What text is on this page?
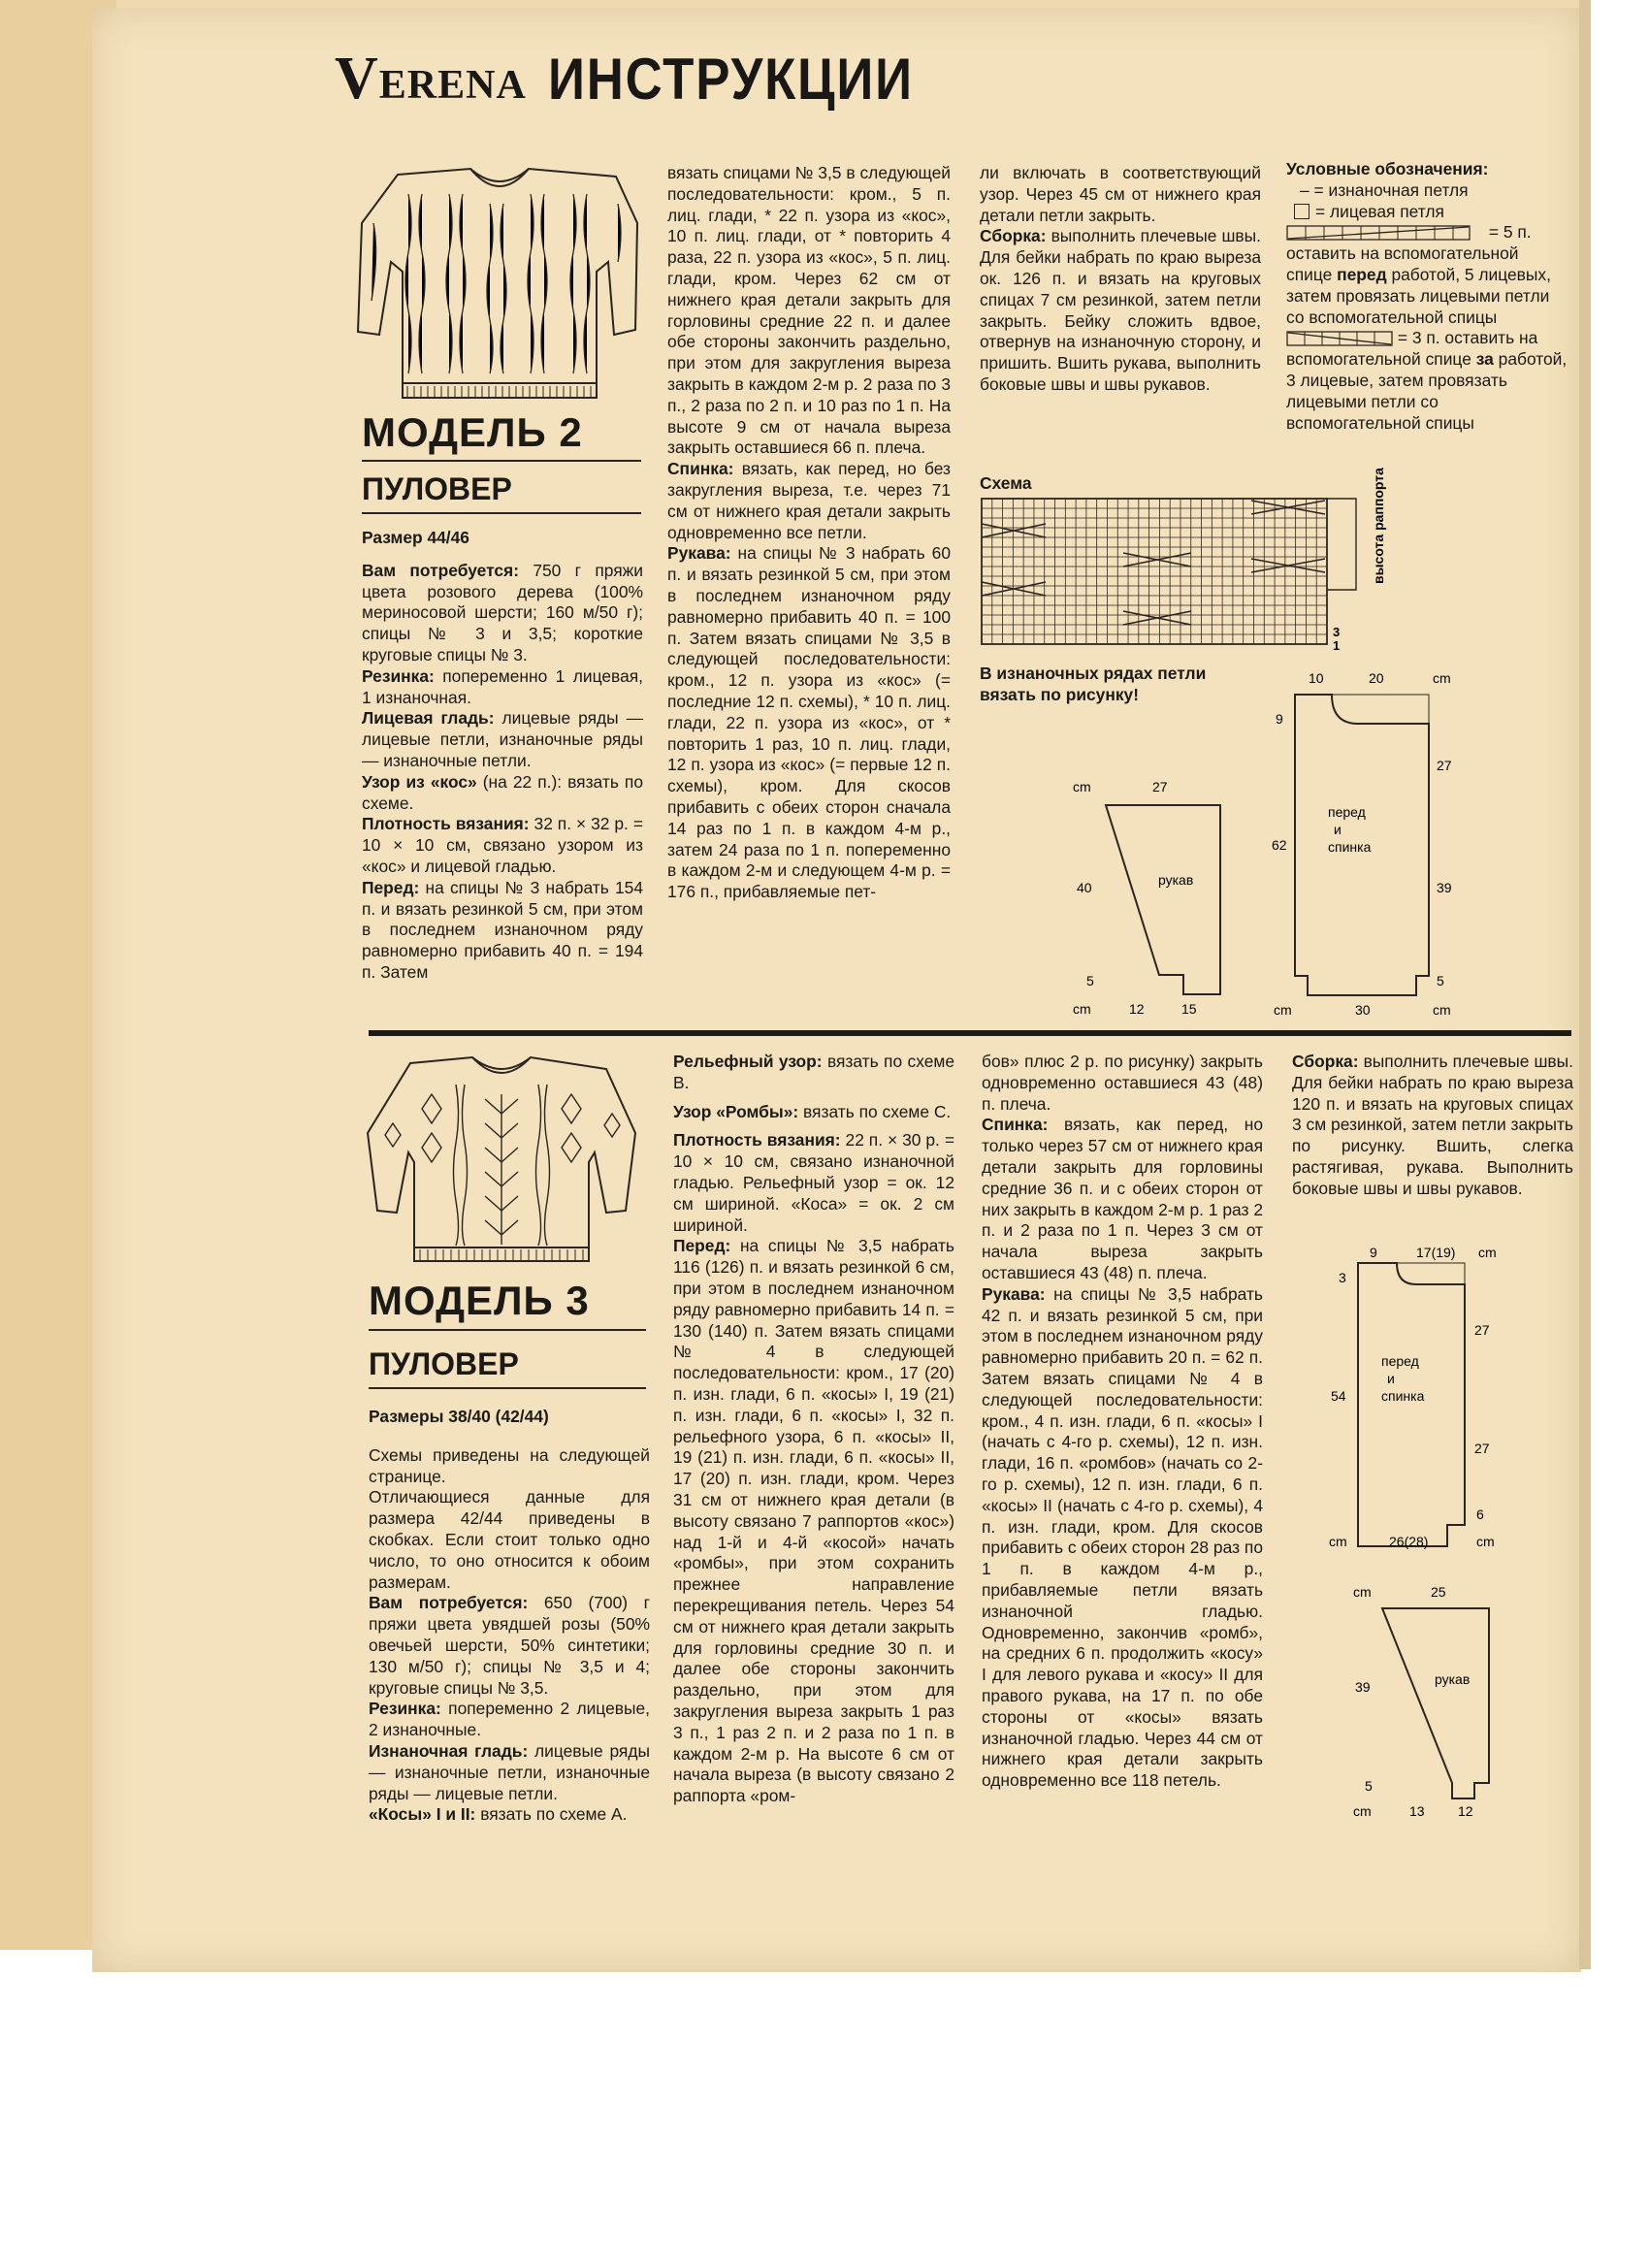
VERENA ИНСТРУКЦИИ
МОДЕЛЬ 2
ПУЛОВЕР

Размер 44/46

Вам потребуется: 750 г пряжи цвета розового дерева (100% мериносовой шерсти; 160 м/50 г); спицы № 3 и 3,5; короткие круговые спицы № 3.

Резинка: попеременно 1 лицевая, 1 изнаночная.

Лицевая гладь: лицевые ряды — лицевые петли, изнаночные ряды — изнаночные петли.

Узор из «кос» (на 22 п.): вязать по схеме.

Плотность вязания: 32 п. × 32 р. = 10 × 10 см, связано узором из «кос» и лицевой гладью.

Перед: на спицы № 3 набрать 154 п. и вязать резинкой 5 см, при этом в последнем изнаночном ряду равномерно прибавить 40 п. = 194 п. Затем

вязать спицами № 3,5 в следующей последовательности: кром., 5 п. лиц. глади, * 22 п. узора из «кос», 10 п. лиц. глади, от * повторить 4 раза, 22 п. узора из «кос», 5 п. лиц. глади, кром. Через 62 см от нижнего края детали закрыть для горловины средние 22 п. и далее обе стороны закончить раздельно, при этом для закругления выреза закрыть в каждом 2-м р. 2 раза по 3 п., 2 раза по 2 п. и 10 раз по 1 п. На высоте 9 см от начала выреза закрыть оставшиеся 66 п. плеча.

Спинка: вязать, как перед, но без закругления выреза, т.е. через 71 см от нижнего края детали закрыть одновременно все петли.

Рукава: на спицы № 3 набрать 60 п. и вязать резинкой 5 см, при этом в последнем изнаночном ряду равномерно прибавить 40 п. = 100 п. Затем вязать спицами № 3,5 в следующей последовательности: кром., 12 п. узора из «кос» (= последние 12 п. схемы), * 10 п. лиц. глади, 22 п. узора из «кос», от * повторить 1 раз, 10 п. лиц. глади, 12 п. узора из «кос» (= первые 12 п. схемы), кром. Для скосов прибавить с обеих сторон сначала 14 раз по 1 п. в каждом 4-м р., затем 24 раза по 1 п. попеременно в каждом 2-м и следующем 4-м р. = 176 п., прибавляемые пет-

ли включать в соответствующий узор. Через 45 см от нижнего края детали петли закрыть.

Сборка: выполнить плечевые швы. Для бейки набрать по краю выреза ок. 126 п. и вязать на круговых спицах 7 см резинкой, затем петли закрыть. Бейку сложить вдвое, отвернув на изнаночную сторону, и пришить. Вшить рукава, выполнить боковые швы и швы рукавов.

Условные обозначения:

– = изнаночная петля

= лицевая петля

= 5 п. оставить на вспомогательной спице перед работой, 5 лицевых, затем провязать лицевыми петли со вспомогательной спицы

= 3 п. оставить на вспомогательной спице за работой, 3 лицевые, затем провязать лицевыми петли со вспомогательной спицы

Схема	высота раппорта
3
1
В изнаночных рядах петли вязать по рисунку!
cm	27
40	рукав
5
cm	12	15
10	20	cm
9
27
62
перед
и
спинка
39
5
cm	30	cm
МОДЕЛЬ 3
ПУЛОВЕР

Размеры 38/40 (42/44)

Схемы приведены на следующей странице.

Отличающиеся данные для размера 42/44 приведены в скобках. Если стоит только одно число, то оно относится к обоим размерам.

Вам потребуется: 650 (700) г пряжи цвета увядшей розы (50% овечьей шерсти, 50% синтетики; 130 м/50 г); спицы № 3,5 и 4; круговые спицы № 3,5.

Резинка: попеременно 2 лицевые, 2 изнаночные.

Изнаночная гладь: лицевые ряды — изнаночные петли, изнаночные ряды — лицевые петли.

«Косы» I и II: вязать по схеме А.

Рельефный узор: вязать по схеме B.

Узор «Ромбы»: вязать по схеме С.

Плотность вязания: 22 п. × 30 р. = 10 × 10 см, связано изнаночной гладью. Рельефный узор = ок. 12 см шириной. «Коса» = ок. 2 см шириной.

Перед: на спицы № 3,5 набрать 116 (126) п. и вязать резинкой 6 см, при этом в последнем изнаночном ряду равномерно прибавить 14 п. = 130 (140) п. Затем вязать спицами № 4 в следующей последовательности: кром., 17 (20) п. изн. глади, 6 п. «косы» I, 19 (21) п. изн. глади, 6 п. «косы» I, 32 п. рельефного узора, 6 п. «косы» II, 19 (21) п. изн. глади, 6 п. «косы» II, 17 (20) п. изн. глади, кром. Через 31 см от нижнего края детали (в высоту связано 7 раппортов «кос») над 1-й и 4-й «косой» начать «ромбы», при этом сохранить прежнее направление перекрещивания петель. Через 54 см от нижнего края детали закрыть для горловины средние 30 п. и далее обе стороны закончить раздельно, при этом для закругления выреза закрыть 1 раз 3 п., 1 раз 2 п. и 2 раза по 1 п. в каждом 2-м р. На высоте 6 см от начала выреза (в высоту связано 2 раппорта «ром-

бов» плюс 2 р. по рисунку) закрыть одновременно оставшиеся 43 (48) п. плеча.

Спинка: вязать, как перед, но только через 57 см от нижнего края детали закрыть для горловины средние 36 п. и с обеих сторон от них закрыть в каждом 2-м р. 1 раз 2 п. и 2 раза по 1 п. Через 3 см от начала выреза закрыть оставшиеся 43 (48) п. плеча.

Рукава: на спицы № 3,5 набрать 42 п. и вязать резинкой 5 см, при этом в последнем изнаночном ряду равномерно прибавить 20 п. = 62 п. Затем вязать спицами № 4 в следующей последовательности: кром., 4 п. изн. глади, 6 п. «косы» I (начать с 4-го р. схемы), 12 п. изн. глади, 16 п. «ромбов» (начать со 2-го р. схемы), 12 п. изн. глади, 6 п. «косы» II (начать с 4-го р. схемы), 4 п. изн. глади, кром. Для скосов прибавить с обеих сторон 28 раз по 1 п. в каждом 4-м р., прибавляемые петли вязать изнаночной гладью. Одновременно, закончив «ромб», на средних 6 п. продолжить «косу» I для левого рукава и «косу» II для правого рукава, на 17 п. по обе стороны от «косы» вязать изнаночной гладью. Через 44 см от нижнего края детали закрыть одновременно все 118 петель.

Сборка: выполнить плечевые швы. Для бейки набрать по краю выреза 120 п. и вязать на круговых спицах 3 см резинкой, затем петли закрыть по рисунку. Вшить, слегка растягивая, рукава. Выполнить боковые швы и швы рукавов.

9	17(19) cm
3
27
перед
и
спинка
54
27
6
cm	26(28)	cm
cm	25
39	рукав
5
cm	13 12
